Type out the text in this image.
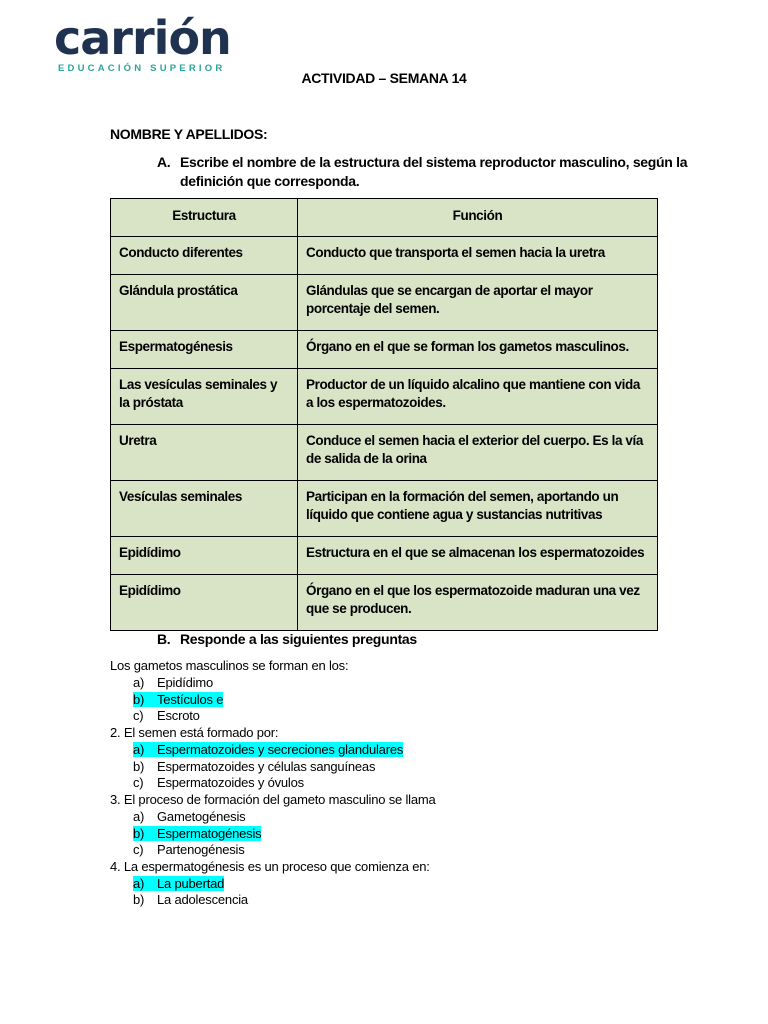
carrión
EDUCACIÓN SUPERIOR
ACTIVIDAD – SEMANA 14
NOMBRE Y APELLIDOS:
A. Escribe el nombre de la estructura del sistema reproductor masculino, según la
definición que corresponda.
Estructura	Función
Conducto diferentes	Conducto que transporta el semen hacia la uretra
Glándula prostática	Glándulas que se encargan de aportar el mayor porcentaje del semen.
Espermatogénesis	Órgano en el que se forman los gametos masculinos.
Las vesículas seminales y la próstata	Productor de un líquido alcalino que mantiene con vida a los espermatozoides.
Uretra	Conduce el semen hacia el exterior del cuerpo. Es la vía de salida de la orina
Vesículas seminales	Participan en la formación del semen, aportando un líquido que contiene agua y sustancias nutritivas
Epidídimo	Estructura en el que se almacenan los espermatozoides
Epidídimo	Órgano en el que los espermatozoide maduran una vez que se producen.
B. Responde a las siguientes preguntas
Los gametos masculinos se forman en los:
a) Epidídimo
b) Testículos e
c) Escroto
2. El semen está formado por:
a) Espermatozoides y secreciones glandulares
b) Espermatozoides y células sanguíneas
c) Espermatozoides y óvulos
3. El proceso de formación del gameto masculino se llama
a) Gametogénesis
b) Espermatogénesis
c) Partenogénesis
4. La espermatogénesis es un proceso que comienza en:
a) La pubertad
b) La adolescencia
